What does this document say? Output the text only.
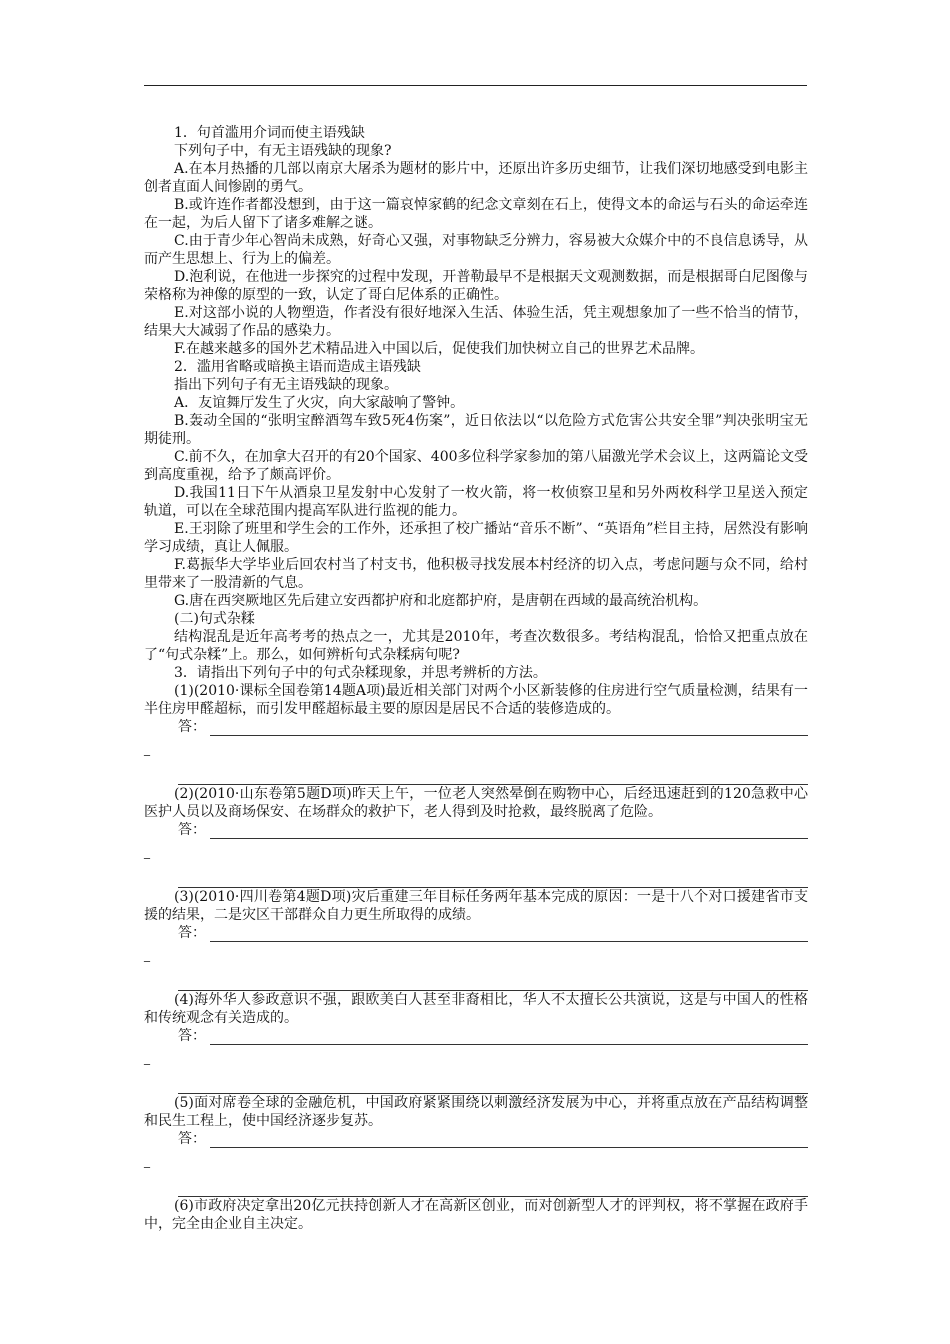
1．句首滥用介词而使主语残缺

下列句子中，有无主语残缺的现象?

A.在本月热播的几部以南京大屠杀为题材的影片中，还原出许多历史细节，让我们深切地感受到电影主创者直面人间惨剧的勇气。

B.或许连作者都没想到，由于这一篇哀悼家鹤的纪念文章刻在石上，使得文本的命运与石头的命运牵连在一起，为后人留下了诸多难解之谜。

C.由于青少年心智尚未成熟，好奇心又强，对事物缺乏分辨力，容易被大众媒介中的不良信息诱导，从而产生思想上、行为上的偏差。

D.泡利说，在他进一步探究的过程中发现，开普勒最早不是根据天文观测数据，而是根据哥白尼图像与荣格称为神像的原型的一致，认定了哥白尼体系的正确性。

E.对这部小说的人物塑造，作者没有很好地深入生活、体验生活，凭主观想象加了一些不恰当的情节，结果大大减弱了作品的感染力。

F.在越来越多的国外艺术精品进入中国以后，促使我们加快树立自己的世界艺术品牌。

2．滥用省略或暗换主语而造成主语残缺

指出下列句子有无主语残缺的现象。

A．友谊舞厅发生了火灾，向大家敲响了警钟。

B.轰动全国的“张明宝醉酒驾车致5死4伤案”，近日依法以“以危险方式危害公共安全罪”判决张明宝无期徒刑。

C.前不久，在加拿大召开的有20个国家、400多位科学家参加的第八届激光学术会议上，这两篇论文受到高度重视，给予了颇高评价。

D.我国11日下午从酒泉卫星发射中心发射了一枚火箭，将一枚侦察卫星和另外两枚科学卫星送入预定轨道，可以在全球范围内提高军队进行监视的能力。

E.王羽除了班里和学生会的工作外，还承担了校广播站“音乐不断”、“英语角”栏目主持，居然没有影响学习成绩，真让人佩服。

F.葛振华大学毕业后回农村当了村支书，他积极寻找发展本村经济的切入点，考虑问题与众不同，给村里带来了一股清新的气息。

G.唐在西突厥地区先后建立安西都护府和北庭都护府，是唐朝在西域的最高统治机构。

(二)句式杂糅

结构混乱是近年高考考的热点之一，尤其是2010年，考查次数很多。考结构混乱，恰恰又把重点放在了“句式杂糅”上。那么，如何辨析句式杂糅病句呢?

3．请指出下列句子中的句式杂糅现象，并思考辨析的方法。

(1)(2010·课标全国卷第14题A项)最近相关部门对两个小区新装修的住房进行空气质量检测，结果有一半住房甲醛超标，而引发甲醛超标最主要的原因是居民不合适的装修造成的。

答：
_

(2)(2010·山东卷第5题D项)昨天上午，一位老人突然晕倒在购物中心，后经迅速赶到的120急救中心医护人员以及商场保安、在场群众的救护下，老人得到及时抢救，最终脱离了危险。

答：
_

(3)(2010·四川卷第4题D项)灾后重建三年目标任务两年基本完成的原因：一是十八个对口援建省市支援的结果，二是灾区干部群众自力更生所取得的成绩。

答：
_

(4)海外华人参政意识不强，跟欧美白人甚至非裔相比，华人不太擅长公共演说，这是与中国人的性格和传统观念有关造成的。

答：
_

(5)面对席卷全球的金融危机，中国政府紧紧围绕以刺激经济发展为中心，并将重点放在产品结构调整和民生工程上，使中国经济逐步复苏。

答：
_

(6)市政府决定拿出20亿元扶持创新人才在高新区创业，而对创新型人才的评判权，将不掌握在政府手中，完全由企业自主决定。
